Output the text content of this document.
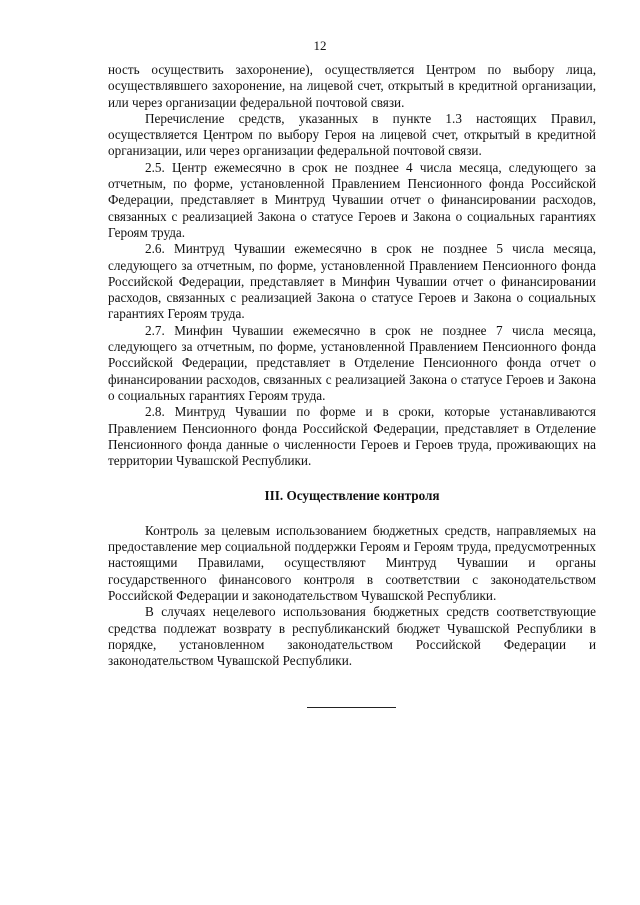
12

ность осуществить захоронение), осуществляется Центром по выбору лица, осуществлявшего захоронение, на лицевой счет, открытый в кредитной организации, или через организации федеральной почтовой связи.

Перечисление средств, указанных в пункте 1.3 настоящих Правил, осуществляется Центром по выбору Героя на лицевой счет, открытый в кредитной организации, или через организации федеральной почтовой связи.

2.5. Центр ежемесячно в срок не позднее 4 числа месяца, следующего за отчетным, по форме, установленной Правлением Пенсионного фонда Российской Федерации, представляет в Минтруд Чувашии отчет о финансировании расходов, связанных с реализацией Закона о статусе Героев и Закона о социальных гарантиях Героям труда.

2.6. Минтруд Чувашии ежемесячно в срок не позднее 5 числа месяца, следующего за отчетным, по форме, установленной Правлением Пенсионного фонда Российской Федерации, представляет в Минфин Чувашии отчет о финансировании расходов, связанных с реализацией Закона о статусе Героев и Закона о социальных гарантиях Героям труда.

2.7. Минфин Чувашии ежемесячно в срок не позднее 7 числа месяца, следующего за отчетным, по форме, установленной Правлением Пенсионного фонда Российской Федерации, представляет в Отделение Пенсионного фонда отчет о финансировании расходов, связанных с реализацией Закона о статусе Героев и Закона о социальных гарантиях Героям труда.

2.8. Минтруд Чувашии по форме и в сроки, которые устанавливаются Правлением Пенсионного фонда Российской Федерации, представляет в Отделение Пенсионного фонда данные о численности Героев и Героев труда, проживающих на территории Чувашской Республики.

III. Осуществление контроля

Контроль за целевым использованием бюджетных средств, направляемых на предоставление мер социальной поддержки Героям и Героям труда, предусмотренных настоящими Правилами, осуществляют Минтруд Чувашии и органы государственного финансового контроля в соответствии с законодательством Российской Федерации и законодательством Чувашской Республики.

В случаях нецелевого использования бюджетных средств соответствующие средства подлежат возврату в республиканский бюджет Чувашской Республики в порядке, установленном законодательством Российской Федерации и законодательством Чувашской Республики.
